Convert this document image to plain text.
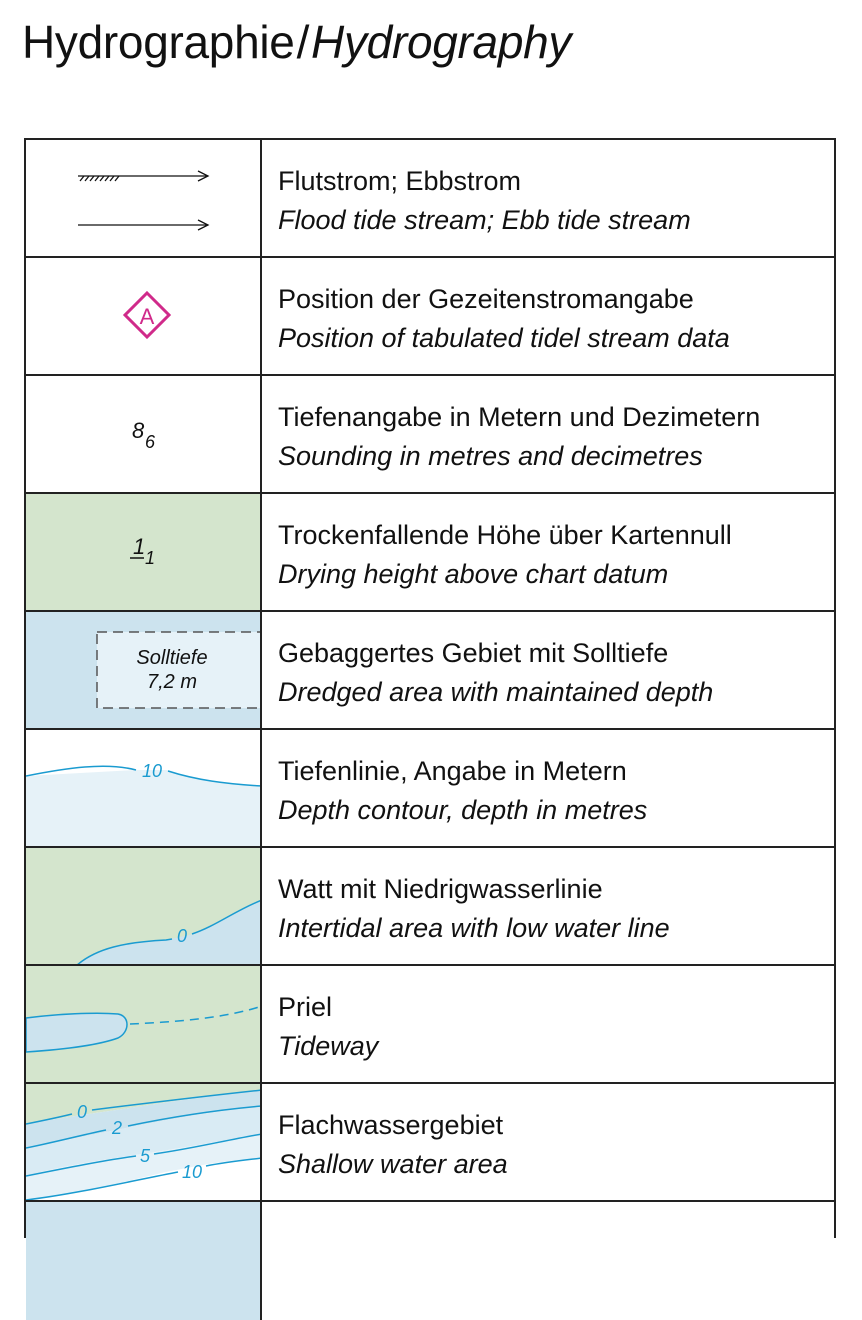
Hydrographie/Hydrography
Flutstrom; Ebbstrom
Flood tide stream; Ebb tide stream
A
Position der Gezeitenstromangabe
Position of tabulated tidel stream data
8 6
Tiefenangabe in Metern und Dezimetern
Sounding in metres and decimetres
1 1
Trockenfallende Höhe über Kartennull
Drying height above chart datum
Solltiefe
7,2 m
Gebaggertes Gebiet mit Solltiefe
Dredged area with maintained depth
10	Tiefenlinie, Angabe in Metern
Depth contour, depth in metres
0
Watt mit Niedrigwasserlinie
Intertidal area with low water line
Priel
Tideway
0
2
5
10
Flachwassergebiet
Shallow water area
